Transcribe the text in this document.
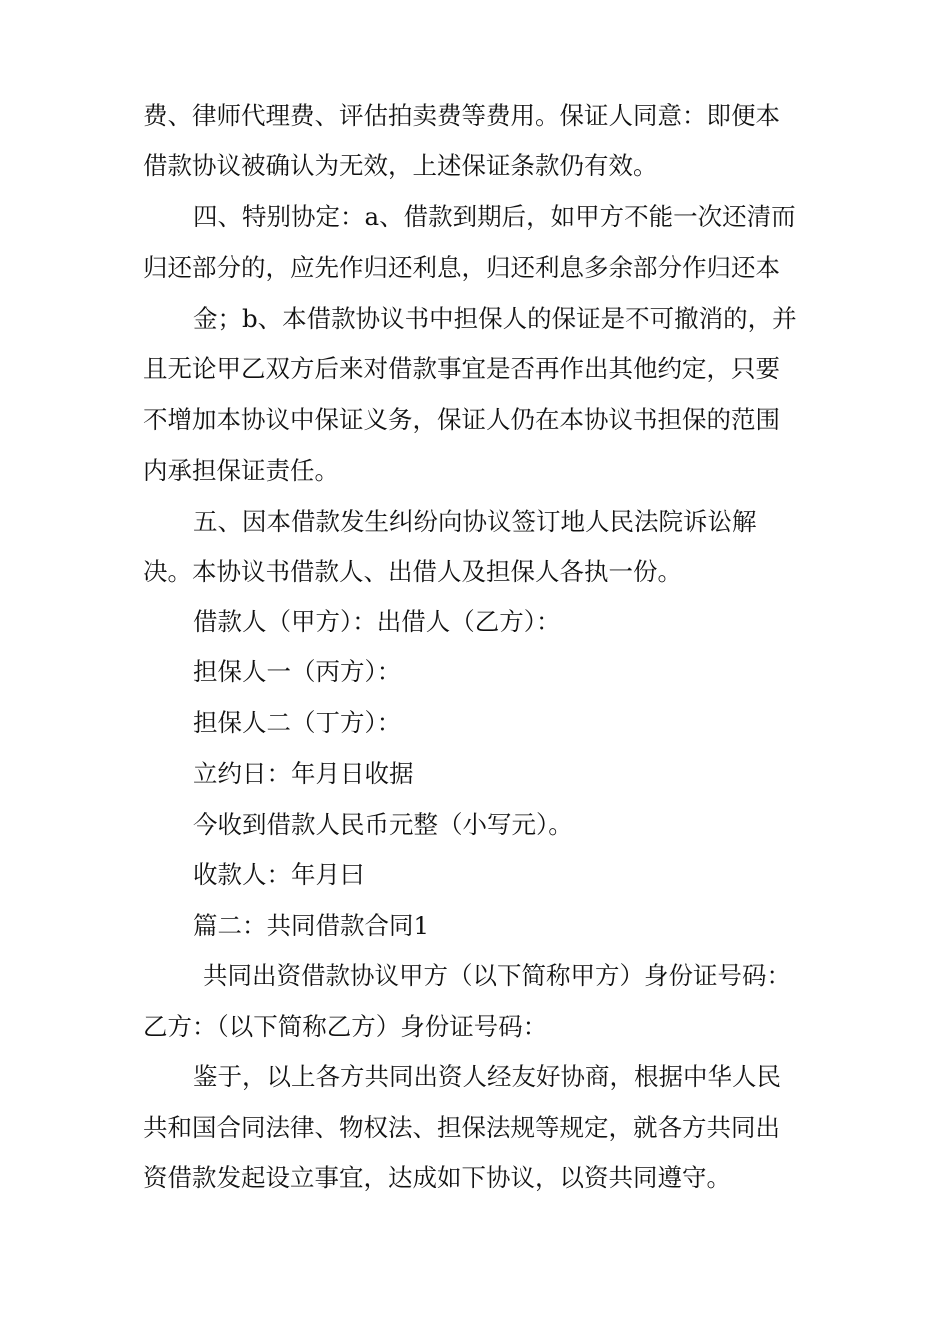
费、律师代理费、评估拍卖费等费用。保证人同意：即便本
借款协议被确认为无效，上述保证条款仍有效。
四、特别协定：a、借款到期后，如甲方不能一次还清而
归还部分的，应先作归还利息，归还利息多余部分作归还本
金；b、本借款协议书中担保人的保证是不可撤消的，并
且无论甲乙双方后来对借款事宜是否再作出其他约定，只要
不增加本协议中保证义务，保证人仍在本协议书担保的范围
内承担保证责任。
五、因本借款发生纠纷向协议签订地人民法院诉讼解
决。本协议书借款人、出借人及担保人各执一份。
借款人（甲方）：出借人（乙方）：
担保人一（丙方）：
担保人二（丁方）：
立约日：年月日收据
今收到借款人民币元整（小写元）。
收款人：年月曰
篇二：共同借款合同1
共同出资借款协议甲方（以下简称甲方）身份证号码：
乙方：（以下简称乙方）身份证号码：
鉴于，以上各方共同出资人经友好协商，根据中华人民
共和国合同法律、物权法、担保法规等规定，就各方共同出
资借款发起设立事宜，达成如下协议，以资共同遵守。
